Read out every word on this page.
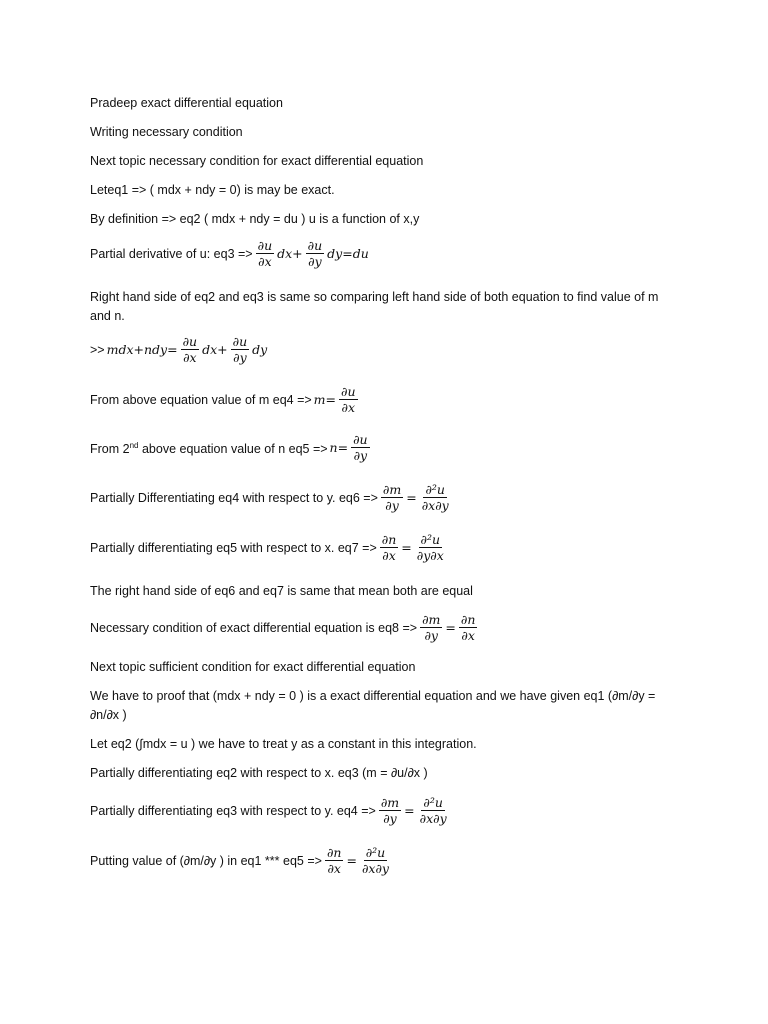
Pradeep exact differential equation
Writing necessary condition
Next topic necessary condition for exact differential equation
Leteq1 => ( mdx + ndy = 0) is may be exact.
By definition => eq2 ( mdx + ndy = du ) u is a function of x,y
Partial derivative of u: $eq3 => \frac{\partial u}{\partial x} dx+ \frac{\partial u}{\partial y} dy=du$
Right hand side of eq2 and eq3 is same so comparing left hand side of both equation to find value of m and n.
>> $mdx+ndy= \frac{\partial u}{\partial x} dx+ \frac{\partial u}{\partial y}$ dy
From above equation value of m $eq4 => m= \frac{\partial u}{\partial x}$
From 2nd above equation value of n $eq5 => n= \frac{\partial u}{\partial y}$
Partially Differentiating eq4 with respect to y. $eq6 => \frac{\partial m}{\partial y} = \frac{\text{∂²u}}{\partial x\partial y}$
Partially differentiating eq5 with respect to x. $eq7 => \frac{\partial n}{\partial x} = \frac{\text{∂²u}}{\partial y\partial x}$
The right hand side of eq6 and eq7 is same that mean both are equal
Necessary condition of exact differential equation is $eq8 => \frac{\partial m}{\partial y} = \frac{\partial n}{\partial x}$
Next topic sufficient condition for exact differential equation
We have to proof that (mdx + ndy = 0 ) is a exact differential equation and we have given eq1 (∂m/∂y = ∂n/∂x )
Let eq2 (∫mdx = u ) we have to treat y as a constant in this integration.
Partially differentiating eq2 with respect to x. eq3 (m = ∂u/∂x )
Partially differentiating eq3 with respect to y. $eq4 => \frac{\partial m}{\partial y} = \frac{\text{∂²u}}{\partial x\partial y}$
Putting value of (∂m/∂y ) in eq1 *** $eq5 => \frac{\partial n}{\partial x} = \frac{\text{∂²u}}{\partial x\partial y}$
